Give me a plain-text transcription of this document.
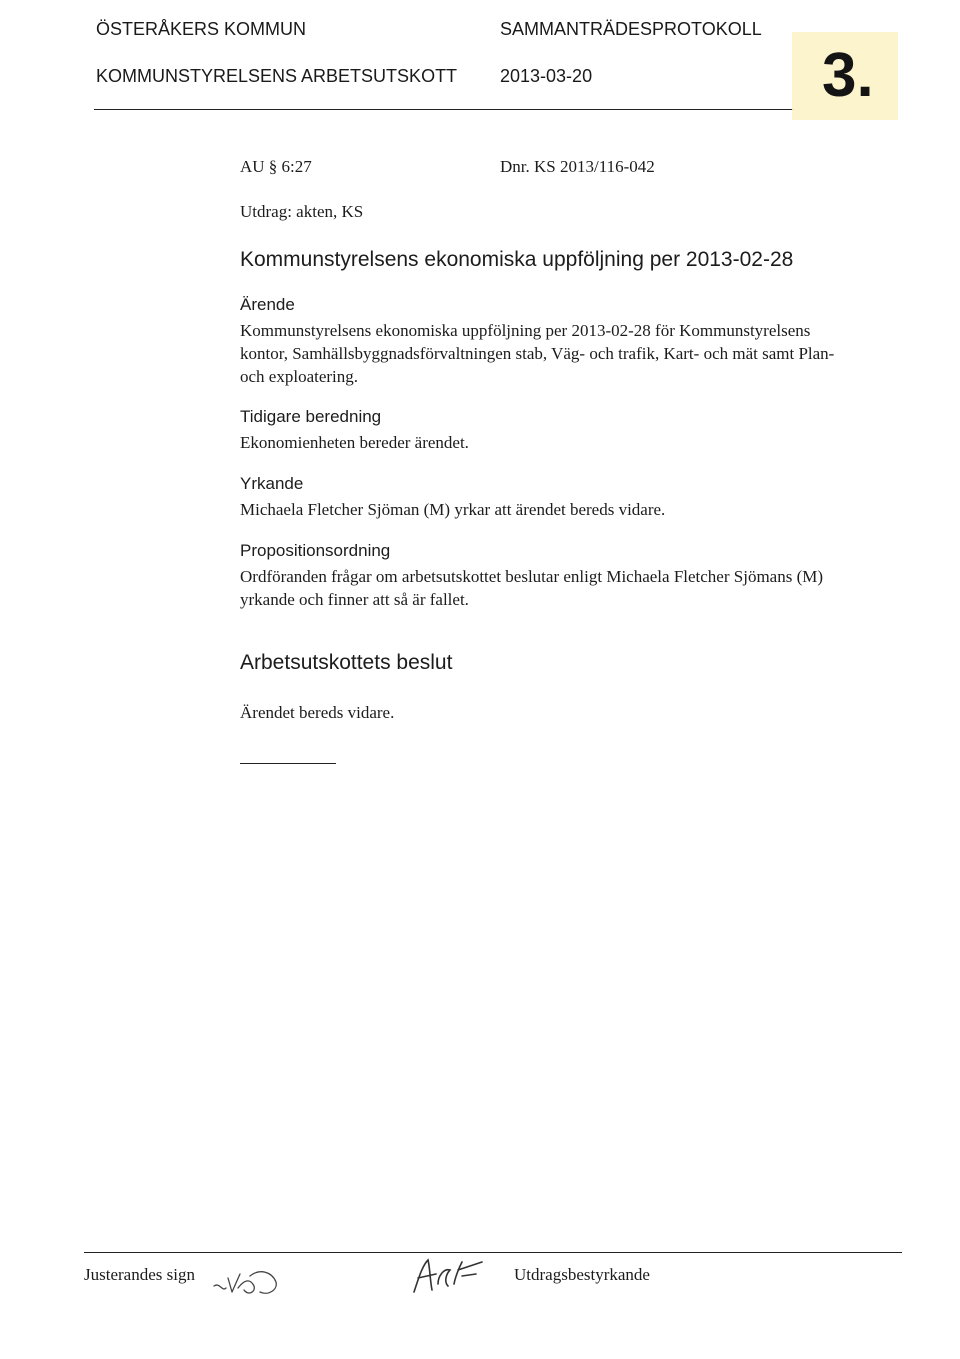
ÖSTERÅKERS KOMMUN
KOMMUNSTYRELSENS ARBETSUTSKOTT
SAMMANTRÄDESPROTOKOLL
2013-03-20	3.
AU § 6:27	Dnr. KS 2013/116-042
Utdrag: akten, KS
Kommunstyrelsens ekonomiska uppföljning per 2013-02-28
Ärende
Kommunstyrelsens ekonomiska uppföljning per 2013-02-28 för Kommunstyrelsens kontor, Samhällsbyggnadsförvaltningen stab, Väg- och trafik, Kart- och mät samt Plan- och exploatering.
Tidigare beredning
Ekonomienheten bereder ärendet.
Yrkande
Michaela Fletcher Sjöman (M) yrkar att ärendet bereds vidare.
Propositionsordning
Ordföranden frågar om arbetsutskottet beslutar enligt Michaela Fletcher Sjömans (M) yrkande och finner att så är fallet.
Arbetsutskottets beslut
Ärendet bereds vidare.
Justerandes sign	Utdragsbestyrkande
